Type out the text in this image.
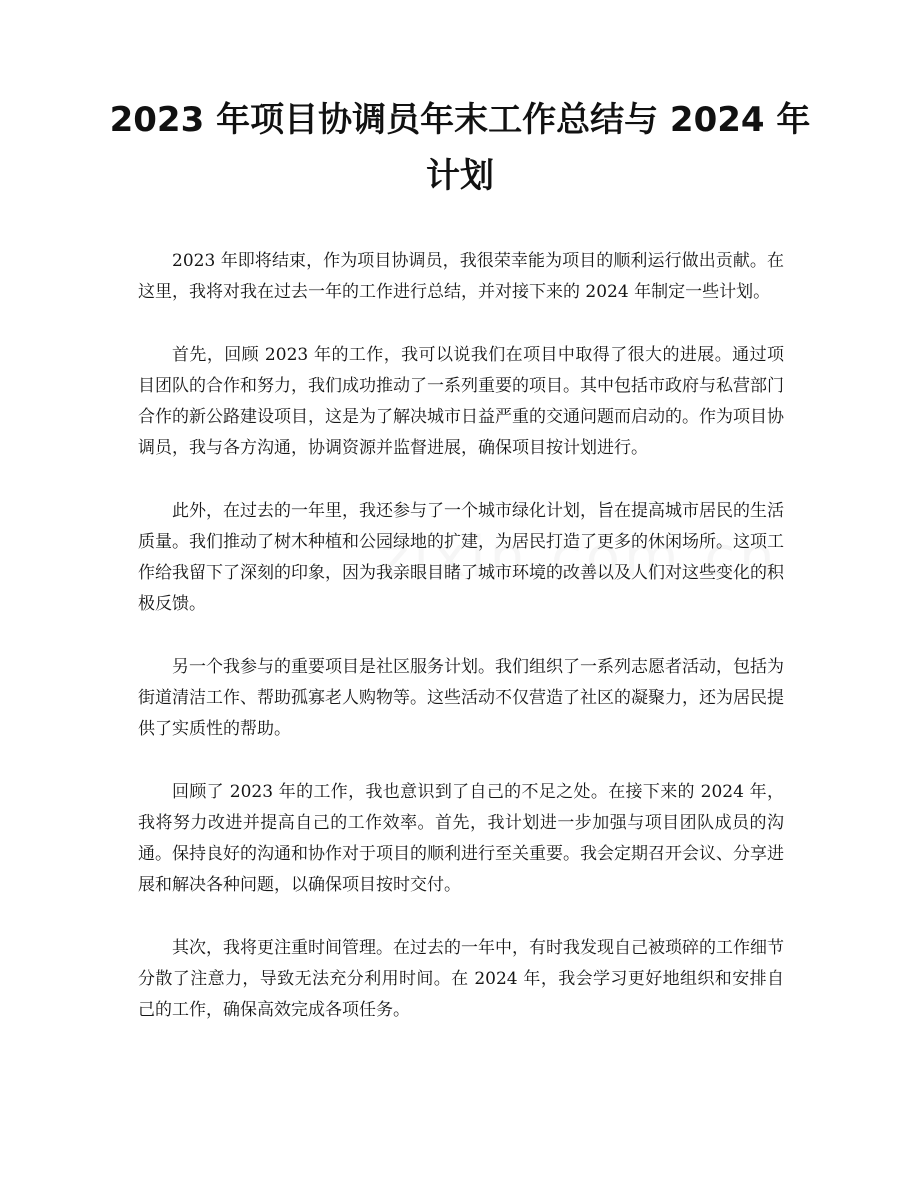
2023 年项目协调员年末工作总结与 2024 年
计划

2023 年即将结束，作为项目协调员，我很荣幸能为项目的顺利运行做出贡献。在这里，我将对我在过去一年的工作进行总结，并对接下来的 2024 年制定一些计划。

首先，回顾 2023 年的工作，我可以说我们在项目中取得了很大的进展。通过项目团队的合作和努力，我们成功推动了一系列重要的项目。其中包括市政府与私营部门合作的新公路建设项目，这是为了解决城市日益严重的交通问题而启动的。作为项目协调员，我与各方沟通，协调资源并监督进展，确保项目按计划进行。

此外，在过去的一年里，我还参与了一个城市绿化计划，旨在提高城市居民的生活质量。我们推动了树木种植和公园绿地的扩建，为居民打造了更多的休闲场所。这项工作给我留下了深刻的印象，因为我亲眼目睹了城市环境的改善以及人们对这些变化的积极反馈。

另一个我参与的重要项目是社区服务计划。我们组织了一系列志愿者活动，包括为街道清洁工作、帮助孤寡老人购物等。这些活动不仅营造了社区的凝聚力，还为居民提供了实质性的帮助。

回顾了 2023 年的工作，我也意识到了自己的不足之处。在接下来的 2024 年，我将努力改进并提高自己的工作效率。首先，我计划进一步加强与项目团队成员的沟通。保持良好的沟通和协作对于项目的顺利进行至关重要。我会定期召开会议、分享进展和解决各种问题，以确保项目按时交付。

其次，我将更注重时间管理。在过去的一年中，有时我发现自己被琐碎的工作细节分散了注意力，导致无法充分利用时间。在 2024 年，我会学习更好地组织和安排自己的工作，确保高效完成各项任务。
